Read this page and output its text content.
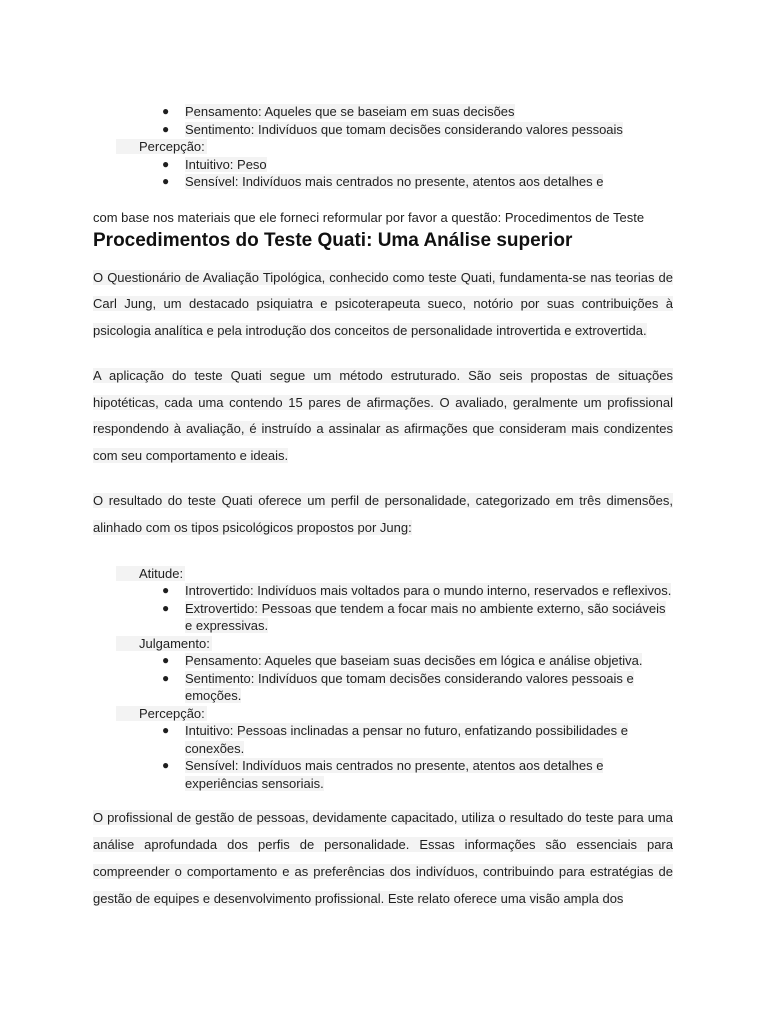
● Pensamento: Aqueles que se baseiam em suas decisões
● Sentimento: Indivíduos que tomam decisões considerando valores pessoais
Percepção:
● Intuitivo: Peso
● Sensível: Indivíduos mais centrados no presente, atentos aos detalhes e
com base nos materiais que ele forneci reformular por favor a questão: Procedimentos de Teste
Procedimentos do Teste Quati: Uma Análise superior

O Questionário de Avaliação Tipológica, conhecido como teste Quati, fundamenta-se nas teorias de Carl Jung, um destacado psiquiatra e psicoterapeuta sueco, notório por suas contribuições à psicologia analítica e pela introdução dos conceitos de personalidade introvertida e extrovertida.

A aplicação do teste Quati segue um método estruturado. São seis propostas de situações hipotéticas, cada uma contendo 15 pares de afirmações. O avaliado, geralmente um profissional respondendo à avaliação, é instruído a assinalar as afirmações que consideram mais condizentes com seu comportamento e ideais.

O resultado do teste Quati oferece um perfil de personalidade, categorizado em três dimensões, alinhado com os tipos psicológicos propostos por Jung:

Atitude:
● Introvertido: Indivíduos mais voltados para o mundo interno, reservados e reflexivos.
● Extrovertido: Pessoas que tendem a focar mais no ambiente externo, são sociáveis e expressivas.
Julgamento:
● Pensamento: Aqueles que baseiam suas decisões em lógica e análise objetiva.
● Sentimento: Indivíduos que tomam decisões considerando valores pessoais e emoções.
Percepção:
● Intuitivo: Pessoas inclinadas a pensar no futuro, enfatizando possibilidades e conexões.
● Sensível: Indivíduos mais centrados no presente, atentos aos detalhes e experiências sensoriais.

O profissional de gestão de pessoas, devidamente capacitado, utiliza o resultado do teste para uma análise aprofundada dos perfis de personalidade. Essas informações são essenciais para compreender o comportamento e as preferências dos indivíduos, contribuindo para estratégias de gestão de equipes e desenvolvimento profissional. Este relato oferece uma visão ampla dos
